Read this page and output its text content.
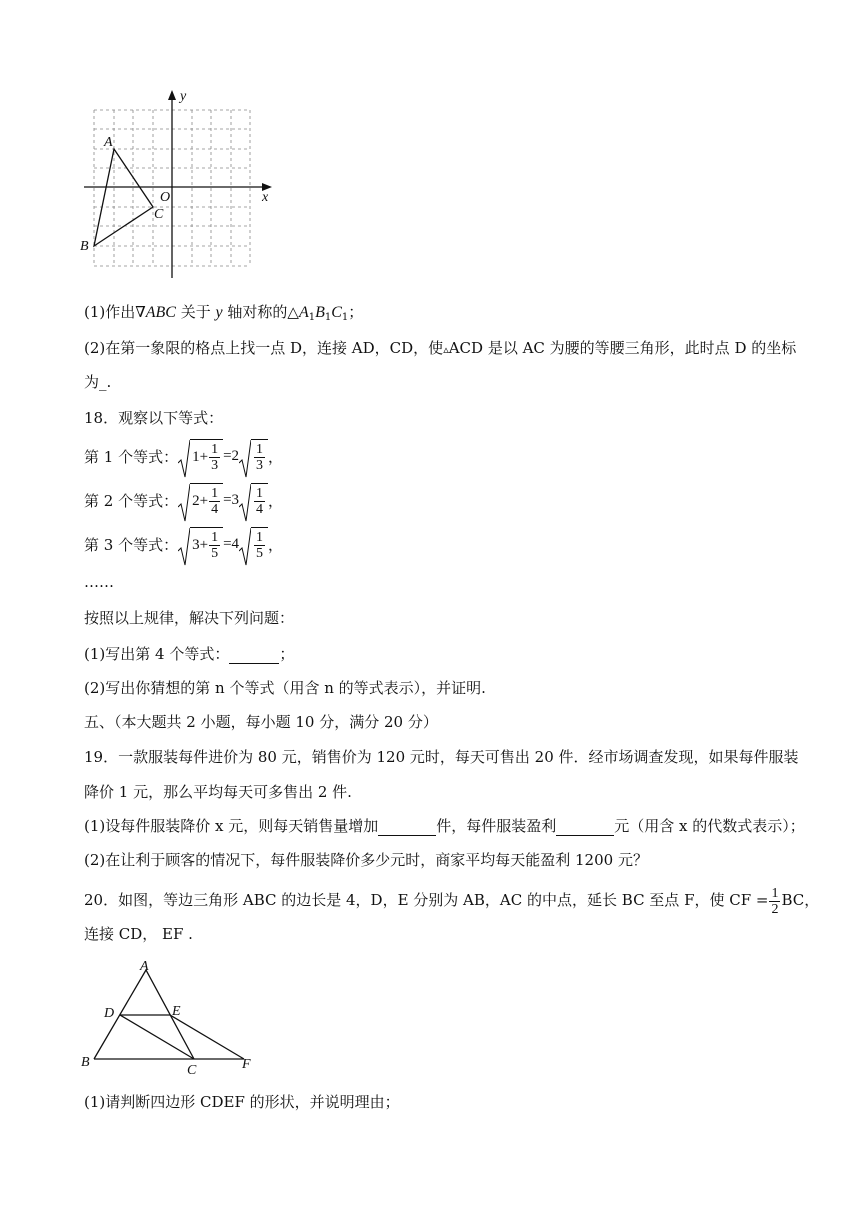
y
x
O
A
B
C
(1)作出∇ABC 关于 y 轴对称的$\triangle A_1B_1C_1$；
(2)在第一象限的格点上找一点 D，连接 AD，CD，使▵ACD 是以 AC 为腰的等腰三角形，此时点 D 的坐标
为_.
18．观察以下等式：
第 1 个等式： $1+ \frac{1}{3} = 2 \frac{1}{3}$ ，
第 2 个等式： $2+ \frac{1}{4} = 3 \frac{1}{4}$ ，
第 3 个等式： $3+ \frac{1}{5} = 4 \frac{1}{5}$ ，
……
按照以上规律，解决下列问题：
(1)写出第 4 个等式：	；
(2)写出你猜想的第 n 个等式（用含 n 的等式表示），并证明.
五、（本大题共 2 小题，每小题 10 分，满分 20 分）
19．一款服装每件进价为 80 元，销售价为 120 元时，每天可售出 20 件．经市场调查发现，如果每件服装
降价 1 元，那么平均每天可多售出 2 件.
(1)设每件服装降价 x 元，则每天销售量增加	件，每件服装盈利	元（用含 x 的代数式表示）；
(2)在让利于顾客的情况下，每件服装降价多少元时，商家平均每天能盈利 1200 元？
20．如图，等边三角形 ABC 的边长是 4，D，E 分别为 AB，AC 的中点，延长 BC 至点 F，使 CF = $\frac{1}{2}$ BC，
连接 CD， EF .
A
B
C
D	E
F
(1)请判断四边形 CDEF 的形状，并说明理由；
